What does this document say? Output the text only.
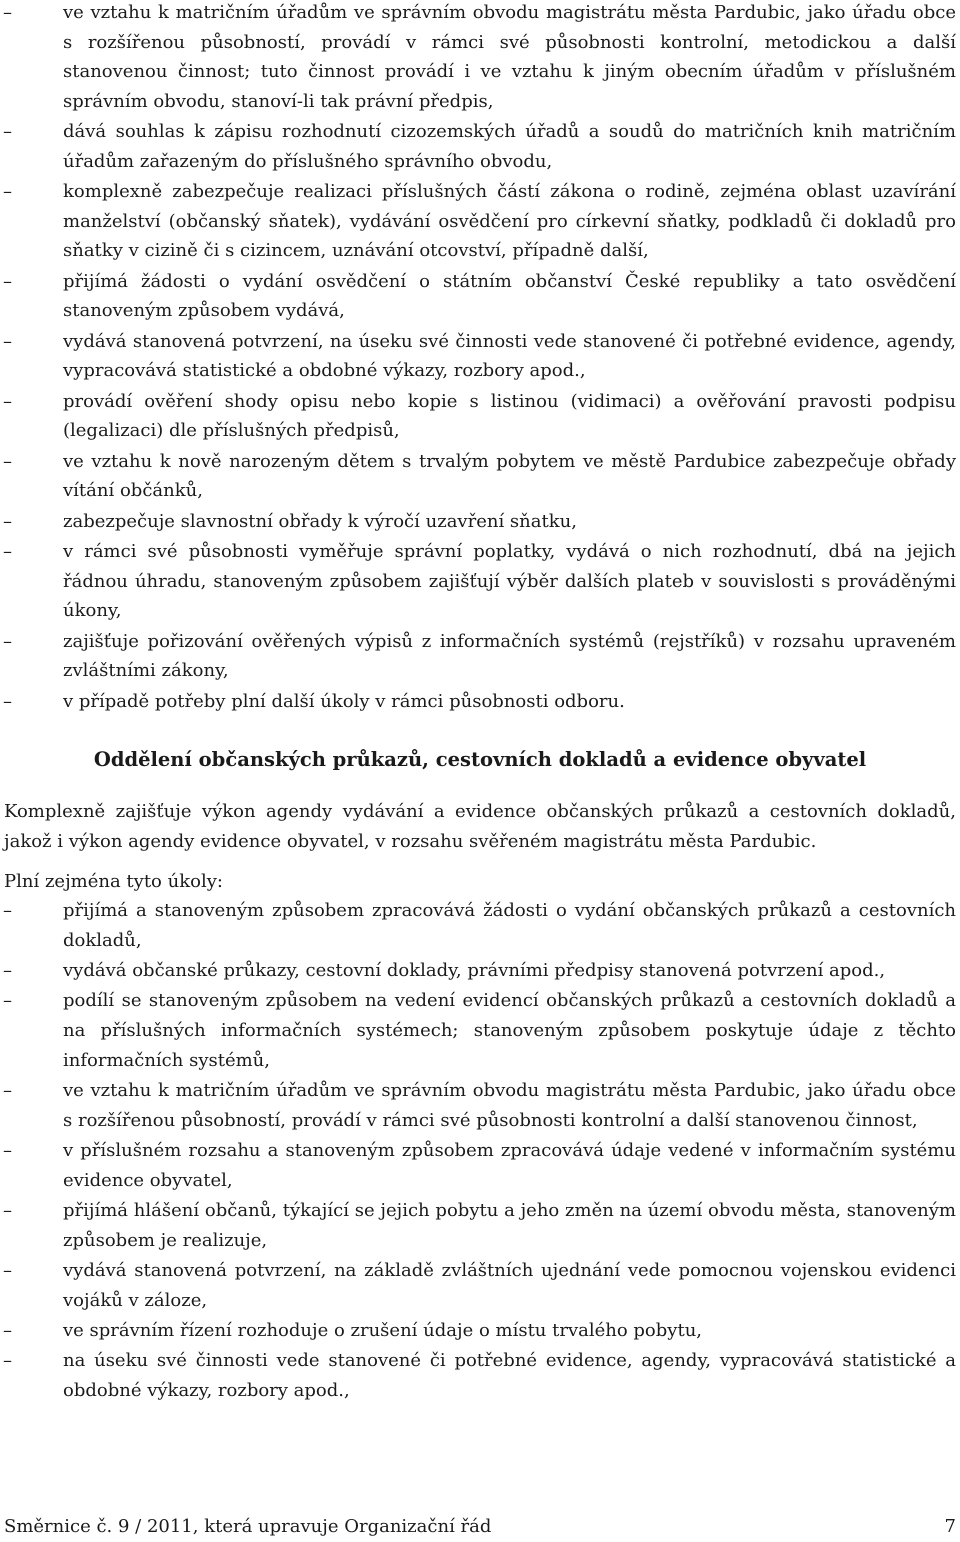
–	ve vztahu k matričním úřadům ve správním obvodu magistrátu města Pardubic, jako úřadu obce s rozšířenou působností, provádí v rámci své působnosti kontrolní, metodickou a další stanovenou činnost; tuto činnost provádí i ve vztahu k jiným obecním úřadům v příslušném správním obvodu, stanoví-li tak právní předpis,
–	dává souhlas k zápisu rozhodnutí cizozemských úřadů a soudů do matričních knih matričním úřadům zařazeným do příslušného správního obvodu,
–	komplexně zabezpečuje realizaci příslušných částí zákona o rodině, zejména oblast uzavírání manželství (občanský sňatek), vydávání osvědčení pro církevní sňatky, podkladů či dokladů pro sňatky v cizině či s cizincem, uznávání otcovství, případně další,
–	přijímá žádosti o vydání osvědčení o státním občanství České republiky a tato osvědčení stanoveným způsobem vydává,
–	vydává stanovená potvrzení, na úseku své činnosti vede stanovené či potřebné evidence, agendy, vypracovává statistické a obdobné výkazy, rozbory apod.,
–	provádí ověření shody opisu nebo kopie s listinou (vidimaci) a ověřování pravosti podpisu (legalizaci) dle příslušných předpisů,
–	ve vztahu k nově narozeným dětem s trvalým pobytem ve městě Pardubice zabezpečuje obřady vítání občánků,
–	zabezpečuje slavnostní obřady k výročí uzavření sňatku,
–	v rámci své působnosti vyměřuje správní poplatky, vydává o nich rozhodnutí, dbá na jejich řádnou úhradu, stanoveným způsobem zajišťují výběr dalších plateb v souvislosti s prováděnými úkony,
–	zajišťuje pořizování ověřených výpisů z informačních systémů (rejstříků) v rozsahu upraveném zvláštními zákony,
–	v případě potřeby plní další úkoly v rámci působnosti odboru.
Oddělení občanských průkazů, cestovních dokladů a evidence obyvatel

Komplexně zajišťuje výkon agendy vydávání a evidence občanských průkazů a cestovních dokladů, jakož i výkon agendy evidence obyvatel, v rozsahu svěřeném magistrátu města Pardubic.

Plní zejména tyto úkoly:

–	přijímá a stanoveným způsobem zpracovává žádosti o vydání občanských průkazů a cestovních dokladů,
–	vydává občanské průkazy, cestovní doklady, právními předpisy stanovená potvrzení apod.,
–	podílí se stanoveným způsobem na vedení evidencí občanských průkazů a cestovních dokladů a na příslušných informačních systémech; stanoveným způsobem poskytuje údaje z těchto informačních systémů,
–	ve vztahu k matričním úřadům ve správním obvodu magistrátu města Pardubic, jako úřadu obce s rozšířenou působností, provádí v rámci své působnosti kontrolní a další stanovenou činnost,
–	v příslušném rozsahu a stanoveným způsobem zpracovává údaje vedené v informačním systému evidence obyvatel,
–	přijímá hlášení občanů, týkající se jejich pobytu a jeho změn na území obvodu města, stanoveným způsobem je realizuje,
–	vydává stanovená potvrzení, na základě zvláštních ujednání vede pomocnou vojenskou evidenci vojáků v záloze,
–	ve správním řízení rozhoduje o zrušení údaje o místu trvalého pobytu,
–	na úseku své činnosti vede stanovené či potřebné evidence, agendy, vypracovává statistické a obdobné výkazy, rozbory apod.,
Směrnice č. 9 / 2011, která upravuje Organizační řád	7
